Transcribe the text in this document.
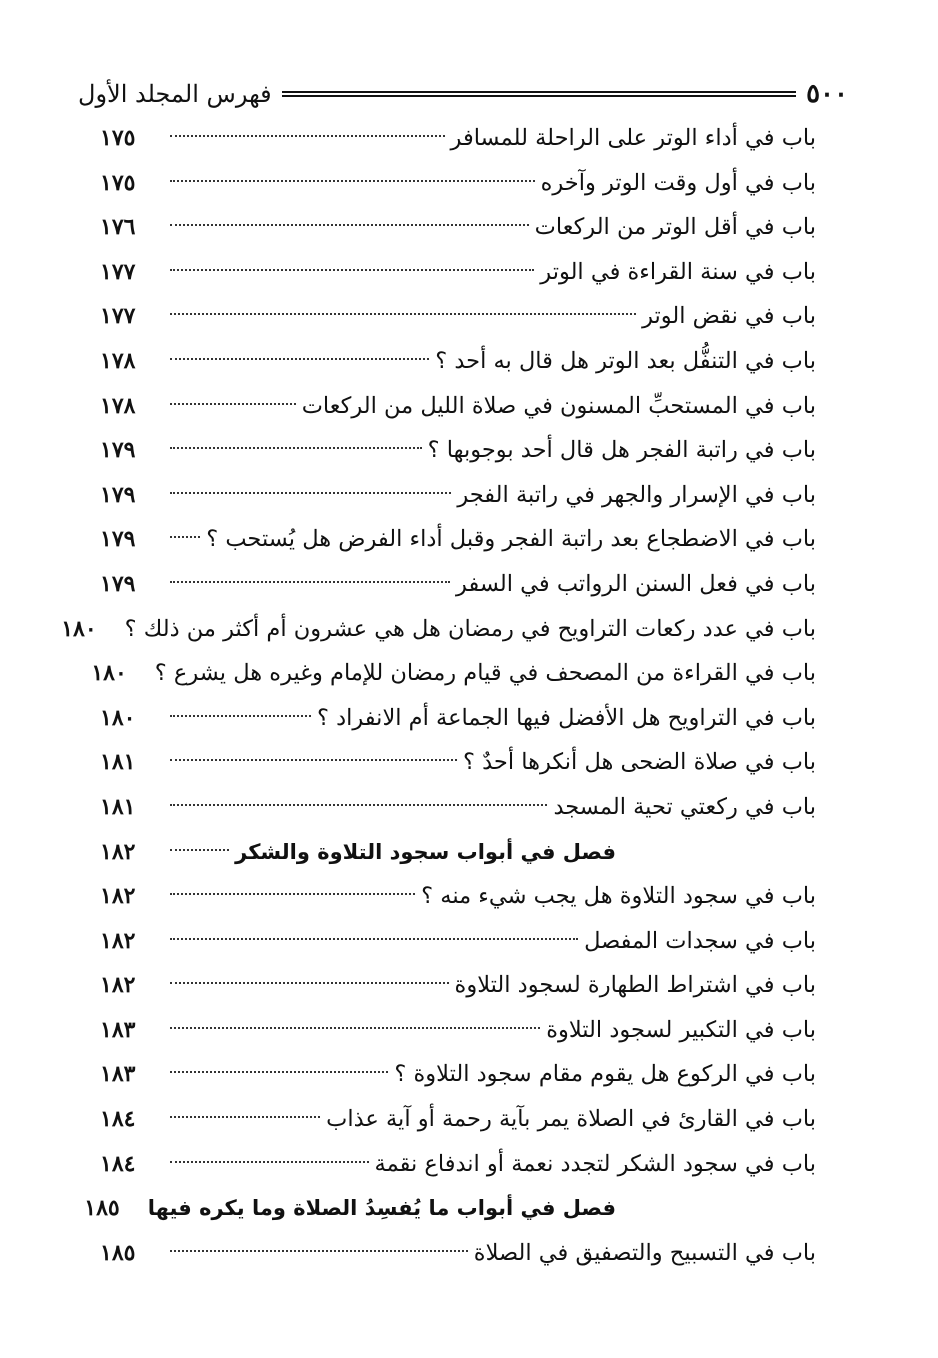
٥٠٠
فهرس المجلد الأول
باب في أداء الوتر على الراحلة للمسافر
١٧٥
باب في أول وقت الوتر وآخره
١٧٥
باب في أقل الوتر من الركعات
١٧٦
باب في سنة القراءة في الوتر
١٧٧
باب في نقض الوتر
١٧٧
باب في التنفُّل بعد الوتر هل قال به أحد ؟
١٧٨
باب في المستحبِّ المسنون في صلاة الليل من الركعات
١٧٨
باب في راتبة الفجر هل قال أحد بوجوبها ؟
١٧٩
باب في الإسرار والجهر في راتبة الفجر
١٧٩
باب في الاضطجاع بعد راتبة الفجر وقبل أداء الفرض هل يُستحب ؟
١٧٩
باب في فعل السنن الرواتب في السفر
١٧٩
باب في عدد ركعات التراويح في رمضان هل هي عشرون أم أكثر من ذلك ؟
١٨٠
باب في القراءة من المصحف في قيام رمضان للإمام وغيره هل يشرع ؟
١٨٠
باب في التراويح هل الأفضل فيها الجماعة أم الانفراد ؟
١٨٠
باب في صلاة الضحى هل أنكرها أحدٌ ؟
١٨١
باب في ركعتي تحية المسجد
١٨١
فصل في أبواب سجود التلاوة والشكر
١٨٢
باب في سجود التلاوة هل يجب شيء منه ؟
١٨٢
باب في سجدات المفصل
١٨٢
باب في اشتراط الطهارة لسجود التلاوة
١٨٢
باب في التكبير لسجود التلاوة
١٨٣
باب في الركوع هل يقوم مقام سجود التلاوة ؟
١٨٣
باب في القارئ في الصلاة يمر بآية رحمة أو آية عذاب
١٨٤
باب في سجود الشكر لتجدد نعمة أو اندفاع نقمة
١٨٤
فصل في أبواب ما يُفسِدُ الصلاة وما يكره فيها
١٨٥
باب في التسبيح والتصفيق في الصلاة
١٨٥
